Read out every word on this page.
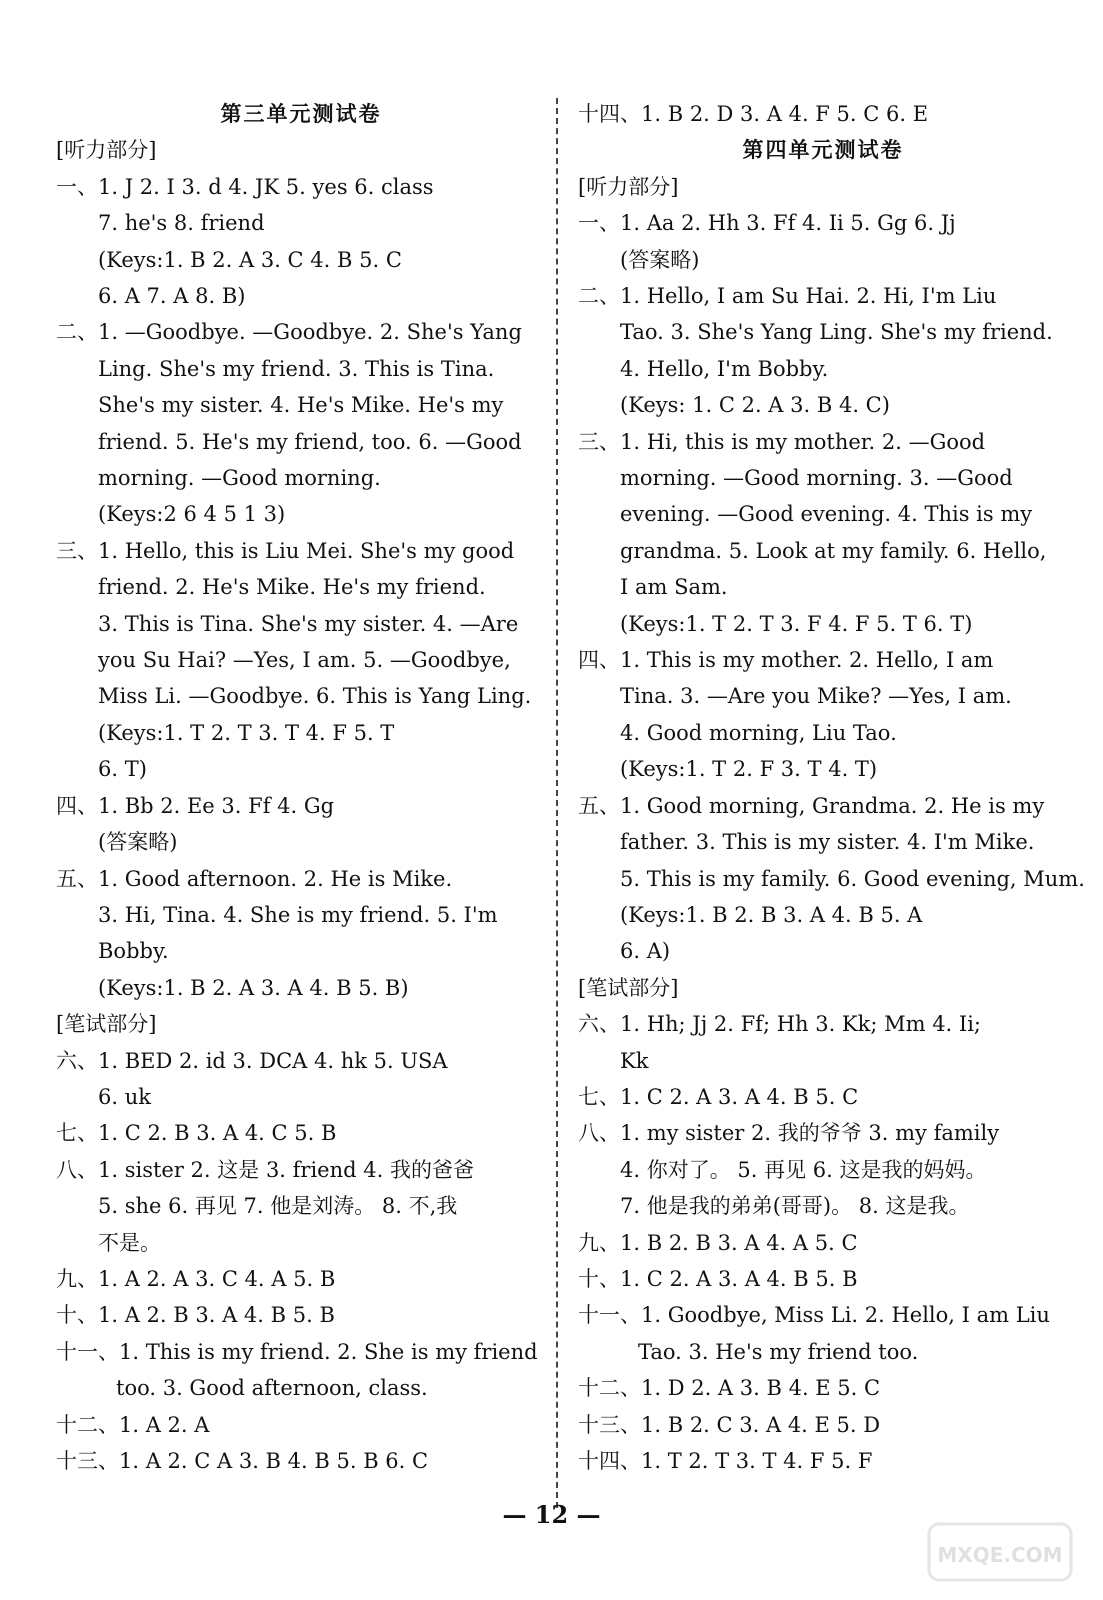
第三单元测试卷
[听力部分]
一、1. J 2. I 3. d 4. JK 5. yes 6. class
7. he's 8. friend
(Keys:1. B 2. A 3. C 4. B 5. C
6. A 7. A 8. B)
二、1. —Goodbye. —Goodbye. 2. She's Yang
Ling. She's my friend. 3. This is Tina.
She's my sister. 4. He's Mike. He's my
friend. 5. He's my friend, too. 6. —Good
morning. —Good morning.
(Keys:2 6 4 5 1 3)
三、1. Hello, this is Liu Mei. She's my good
friend. 2. He's Mike. He's my friend.
3. This is Tina. She's my sister. 4. —Are
you Su Hai? —Yes, I am. 5. —Goodbye,
Miss Li. —Goodbye. 6. This is Yang Ling.
(Keys:1. T 2. T 3. T 4. F 5. T
6. T)
四、1. Bb 2. Ee 3. Ff 4. Gg
(答案略)
五、1. Good afternoon. 2. He is Mike.
3. Hi, Tina. 4. She is my friend. 5. I'm
Bobby.
(Keys:1. B 2. A 3. A 4. B 5. B)
[笔试部分]
六、1. BED 2. id 3. DCA 4. hk 5. USA
6. uk
七、1. C 2. B 3. A 4. C 5. B
八、1. sister 2. 这是 3. friend 4. 我的爸爸
5. she 6. 再见 7. 他是刘涛。 8. 不,我
不是。
九、1. A 2. A 3. C 4. A 5. B
十、1. A 2. B 3. A 4. B 5. B
十一、1. This is my friend. 2. She is my friend
too. 3. Good afternoon, class.
十二、1. A 2. A
十三、1. A 2. C A 3. B 4. B 5. B 6. C
十四、1. B 2. D 3. A 4. F 5. C 6. E
第四单元测试卷
[听力部分]
一、1. Aa 2. Hh 3. Ff 4. Ii 5. Gg 6. Jj
(答案略)
二、1. Hello, I am Su Hai. 2. Hi, I'm Liu
Tao. 3. She's Yang Ling. She's my friend.
4. Hello, I'm Bobby.
(Keys: 1. C 2. A 3. B 4. C)
三、1. Hi, this is my mother. 2. —Good
morning. —Good morning. 3. —Good
evening. —Good evening. 4. This is my
grandma. 5. Look at my family. 6. Hello,
I am Sam.
(Keys:1. T 2. T 3. F 4. F 5. T 6. T)
四、1. This is my mother. 2. Hello, I am
Tina. 3. —Are you Mike? —Yes, I am.
4. Good morning, Liu Tao.
(Keys:1. T 2. F 3. T 4. T)
五、1. Good morning, Grandma. 2. He is my
father. 3. This is my sister. 4. I'm Mike.
5. This is my family. 6. Good evening, Mum.
(Keys:1. B 2. B 3. A 4. B 5. A
6. A)
[笔试部分]
六、1. Hh; Jj 2. Ff; Hh 3. Kk; Mm 4. Ii;
Kk
七、1. C 2. A 3. A 4. B 5. C
八、1. my sister 2. 我的爷爷 3. my family
4. 你对了。 5. 再见 6. 这是我的妈妈。
7. 他是我的弟弟(哥哥)。 8. 这是我。
九、1. B 2. B 3. A 4. A 5. C
十、1. C 2. A 3. A 4. B 5. B
十一、1. Goodbye, Miss Li. 2. Hello, I am Liu
Tao. 3. He's my friend too.
十二、1. D 2. A 3. B 4. E 5. C
十三、1. B 2. C 3. A 4. E 5. D
十四、1. T 2. T 3. T 4. F 5. F
— 12 —
MXQE.COM
